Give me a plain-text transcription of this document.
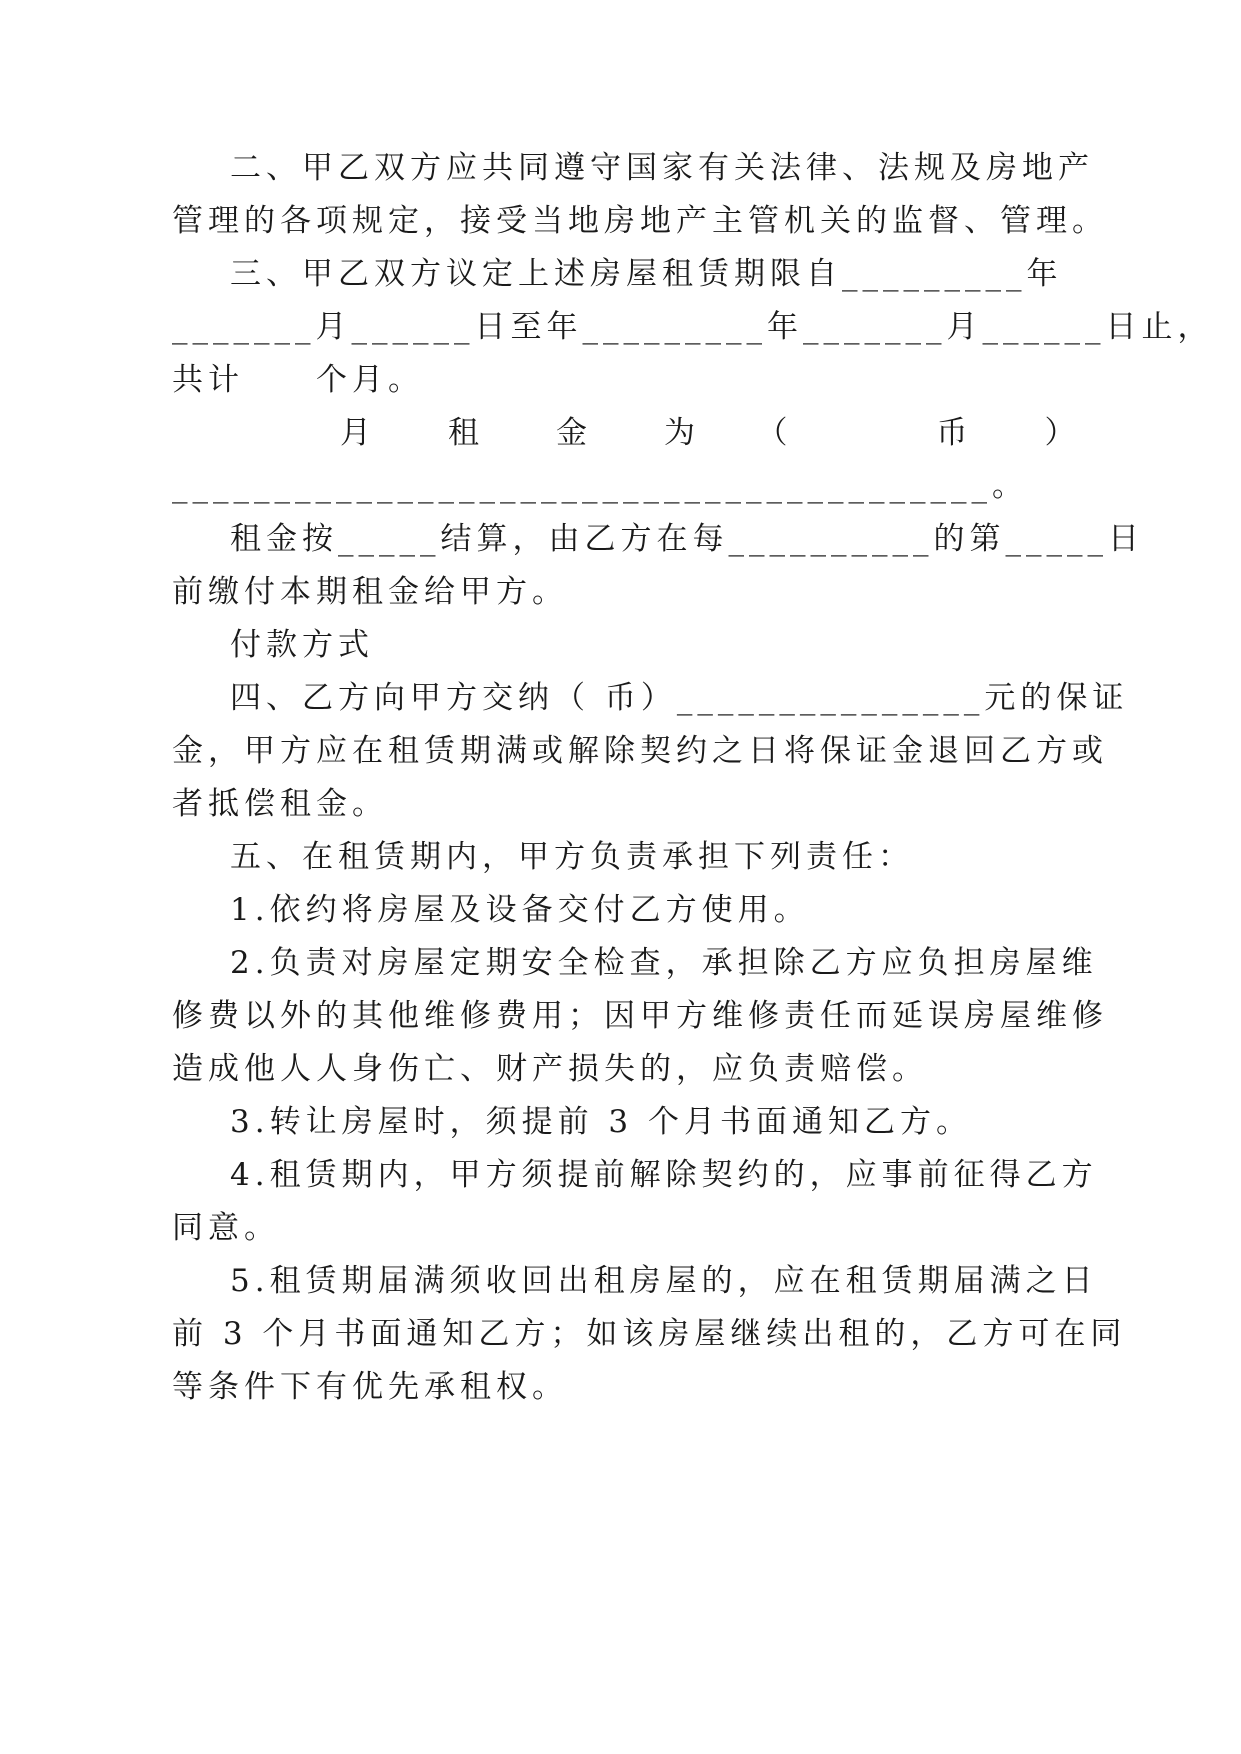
二、甲乙双方应共同遵守国家有关法律、法规及房地产
管理的各项规定，接受当地房地产主管机关的监督、管理。
三、甲乙双方议定上述房屋租赁期限自_________年
_______月______日至年_________年_______月______日止，
共计　　个月。
月　　租　　金　　为　　（　　　　币　　）
________________________________________。
租金按_____结算，由乙方在每__________的第_____日
前缴付本期租金给甲方。
付款方式
四、乙方向甲方交纳（ 币）_______________元的保证
金，甲方应在租赁期满或解除契约之日将保证金退回乙方或
者抵偿租金。
五、在租赁期内，甲方负责承担下列责任：
1.依约将房屋及设备交付乙方使用。
2.负责对房屋定期安全检查，承担除乙方应负担房屋维
修费以外的其他维修费用；因甲方维修责任而延误房屋维修
造成他人人身伤亡、财产损失的，应负责赔偿。
3.转让房屋时，须提前 3 个月书面通知乙方。
4.租赁期内，甲方须提前解除契约的，应事前征得乙方
同意。
5.租赁期届满须收回出租房屋的，应在租赁期届满之日
前 3 个月书面通知乙方；如该房屋继续出租的，乙方可在同
等条件下有优先承租权。
